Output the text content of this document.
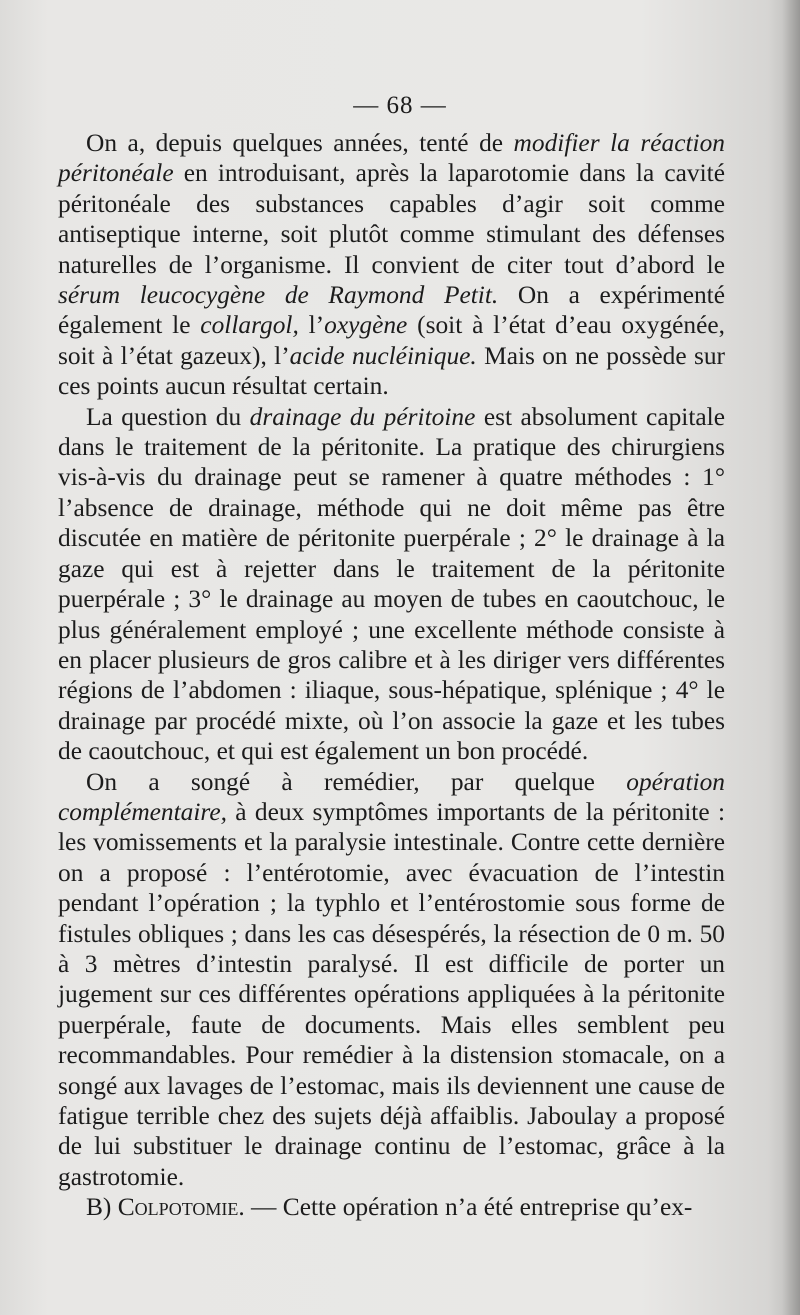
— 68 —

On a, depuis quelques années, tenté de modifier la réaction péritonéale en introduisant, après la laparotomie dans la cavité péritonéale des substances capables d’agir soit comme antiseptique interne, soit plutôt comme stimulant des défenses naturelles de l’organisme. Il convient de citer tout d’abord le sérum leucocygène de Raymond Petit. On a expérimenté également le collargol, l’oxygène (soit à l’état d’eau oxygénée, soit à l’état gazeux), l’acide nucléinique. Mais on ne possède sur ces points aucun résultat certain.

La question du drainage du péritoine est absolument capitale dans le traitement de la péritonite. La pratique des chirurgiens vis-à-vis du drainage peut se ramener à quatre méthodes : 1° l’absence de drainage, méthode qui ne doit même pas être discutée en matière de péritonite puerpérale ; 2° le drainage à la gaze qui est à rejetter dans le traitement de la péritonite puerpérale ; 3° le drainage au moyen de tubes en caoutchouc, le plus généralement employé ; une excellente méthode consiste à en placer plusieurs de gros calibre et à les diriger vers différentes régions de l’abdomen : iliaque, sous-hépatique, splénique ; 4° le drainage par procédé mixte, où l’on associe la gaze et les tubes de caoutchouc, et qui est également un bon procédé.

On a songé à remédier, par quelque opération complémentaire, à deux symptômes importants de la péritonite : les vomissements et la paralysie intestinale. Contre cette dernière on a proposé : l’entérotomie, avec évacuation de l’intestin pendant l’opération ; la typhlo et l’entérostomie sous forme de fistules obliques ; dans les cas désespérés, la résection de 0 m. 50 à 3 mètres d’intestin paralysé. Il est difficile de porter un jugement sur ces différentes opérations appliquées à la péritonite puerpérale, faute de documents. Mais elles semblent peu recommandables. Pour remédier à la distension stomacale, on a songé aux lavages de l’estomac, mais ils deviennent une cause de fatigue terrible chez des sujets déjà affaiblis. Jaboulay a proposé de lui substituer le drainage continu de l’estomac, grâce à la gastrotomie.

B) Colpotomie. — Cette opération n’a été entreprise qu’ex-
